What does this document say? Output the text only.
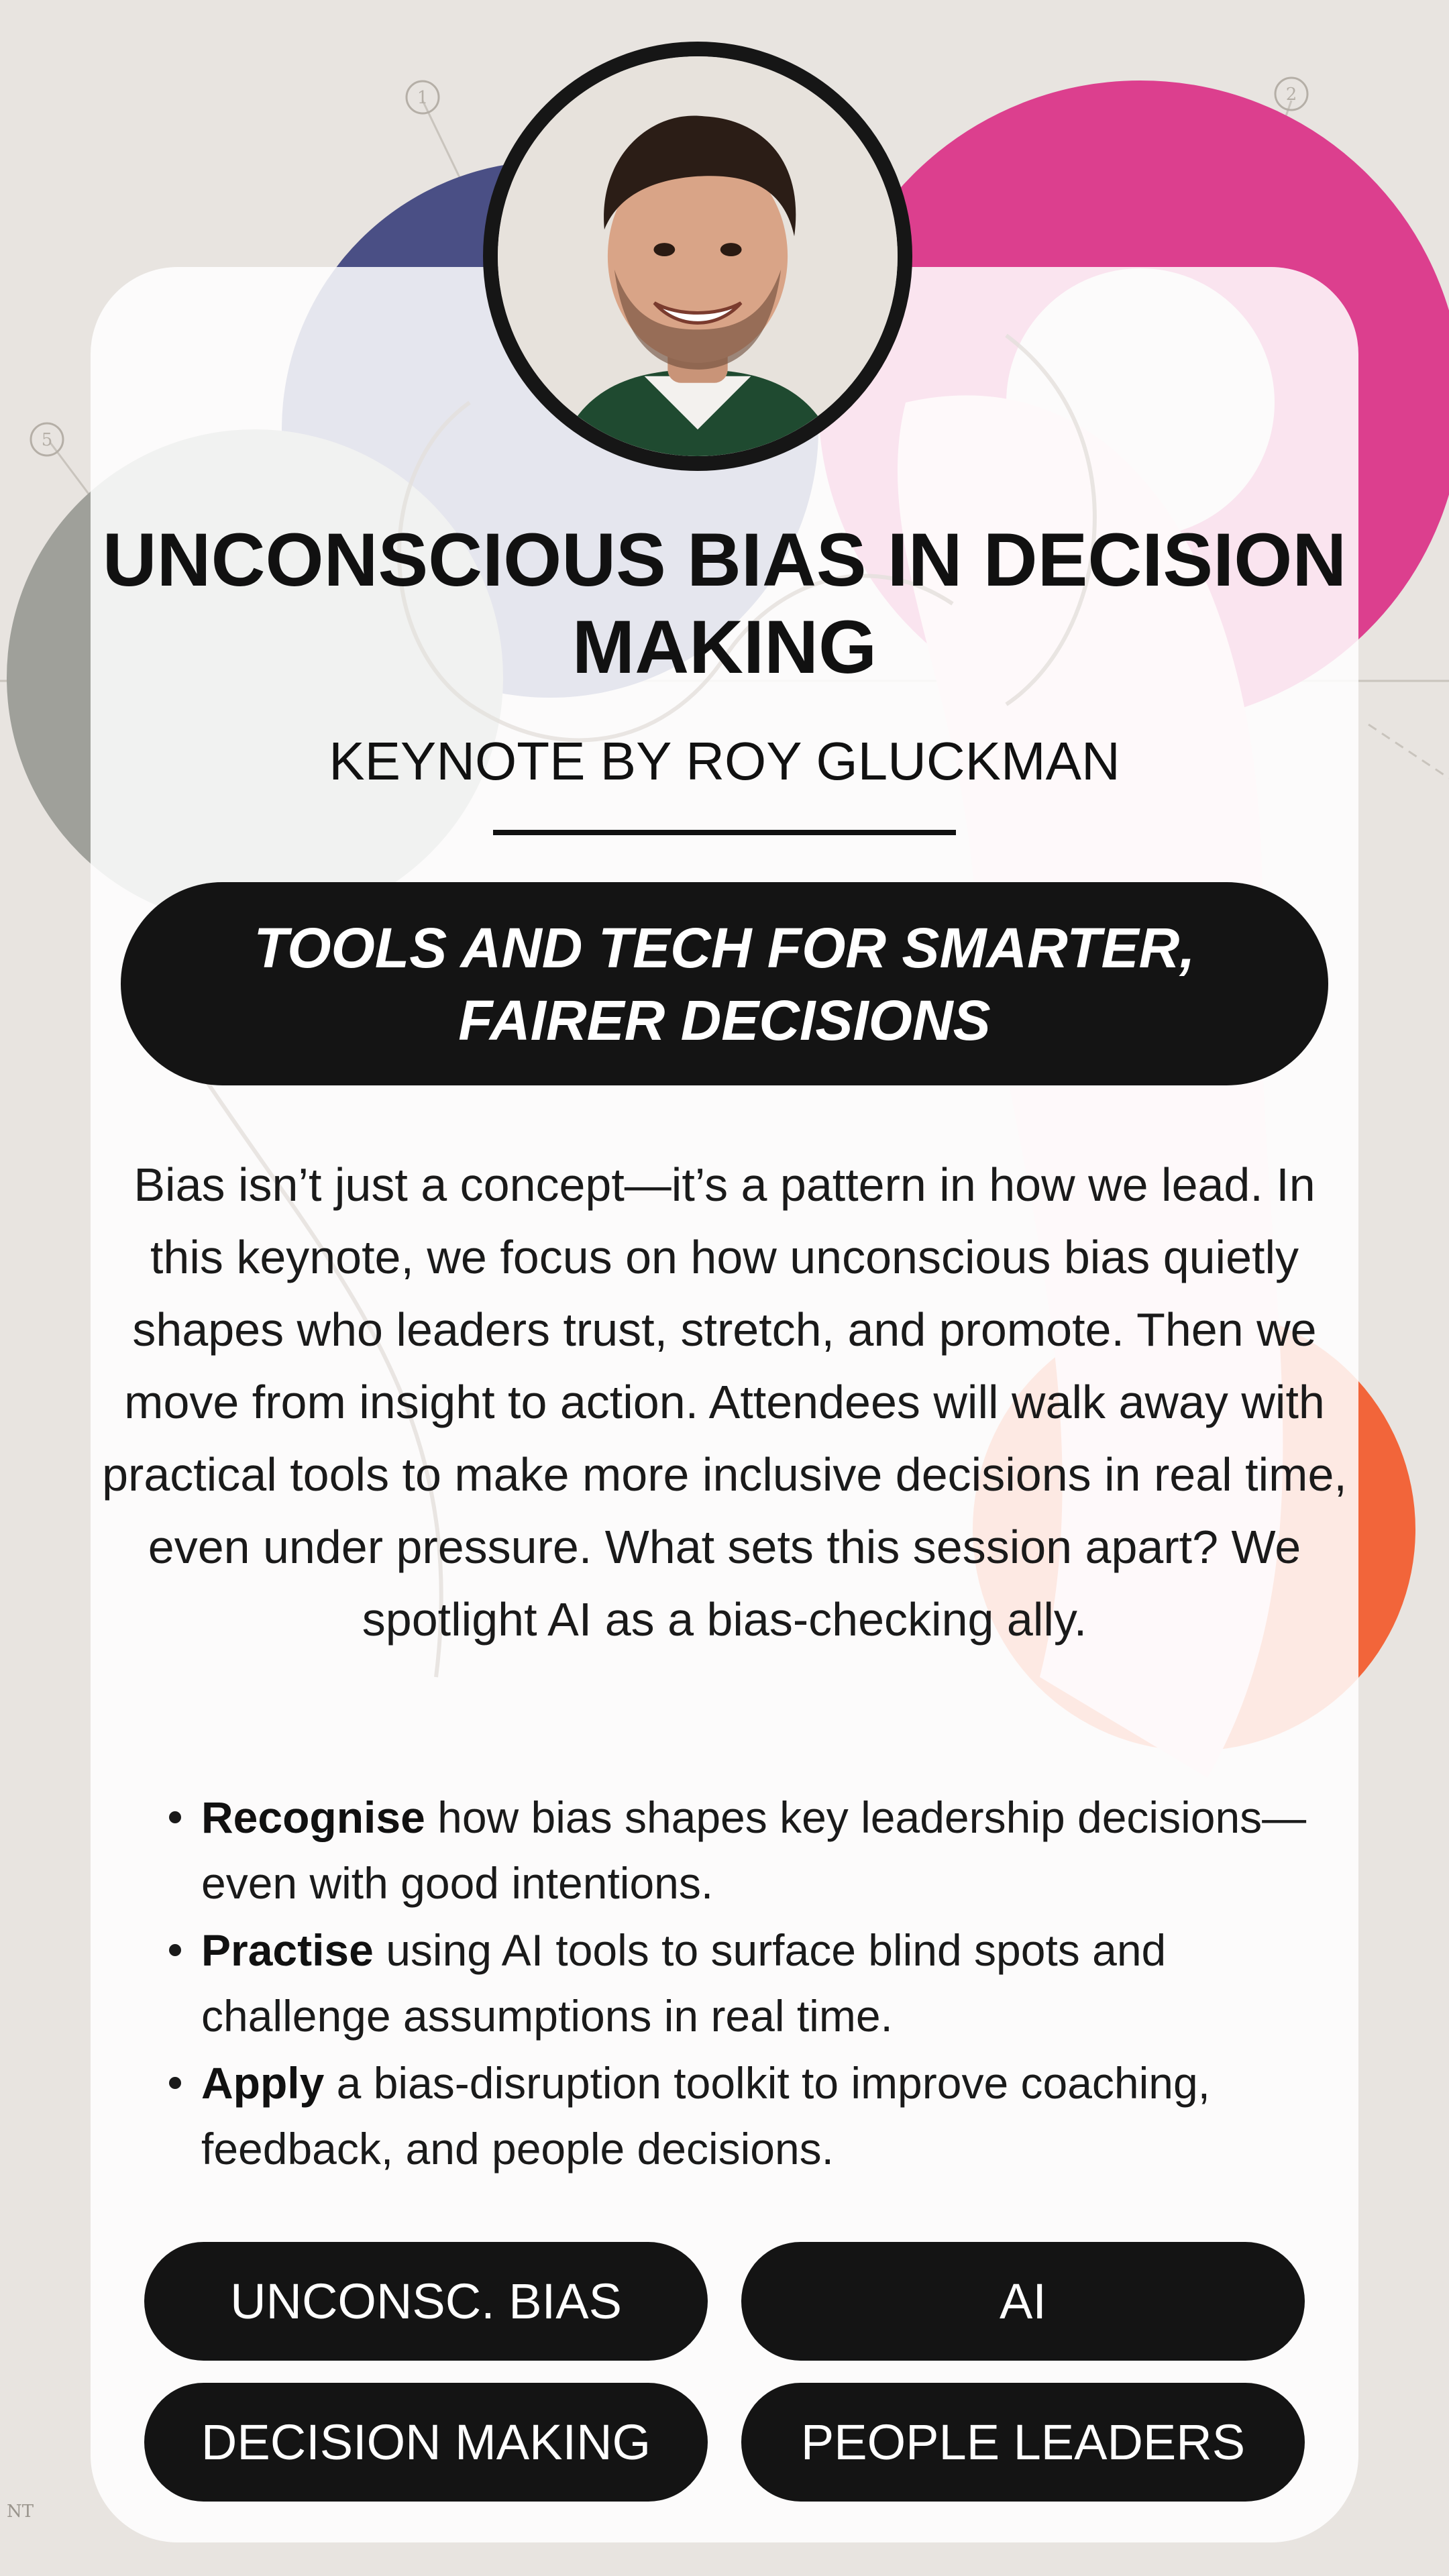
1	2
5
NT
UNCONSCIOUS BIAS IN DECISION MAKING
KEYNOTE BY ROY GLUCKMAN
TOOLS AND TECH FOR SMARTER, FAIRER DECISIONS

Bias isn’t just a concept—it’s a pattern in how we lead. In this keynote, we focus on how unconscious bias quietly shapes who leaders trust, stretch, and promote. Then we move from insight to action. Attendees will walk away with practical tools to make more inclusive decisions in real time, even under pressure. What sets this session apart? We spotlight AI as a bias-checking ally.

Recognise how bias shapes key leadership decisions—even with good intentions.
Practise using AI tools to surface blind spots and challenge assumptions in real time.
Apply a bias-disruption toolkit to improve coaching, feedback, and people decisions.
UNCONSC. BIAS	AI
DECISION MAKING	PEOPLE LEADERS
